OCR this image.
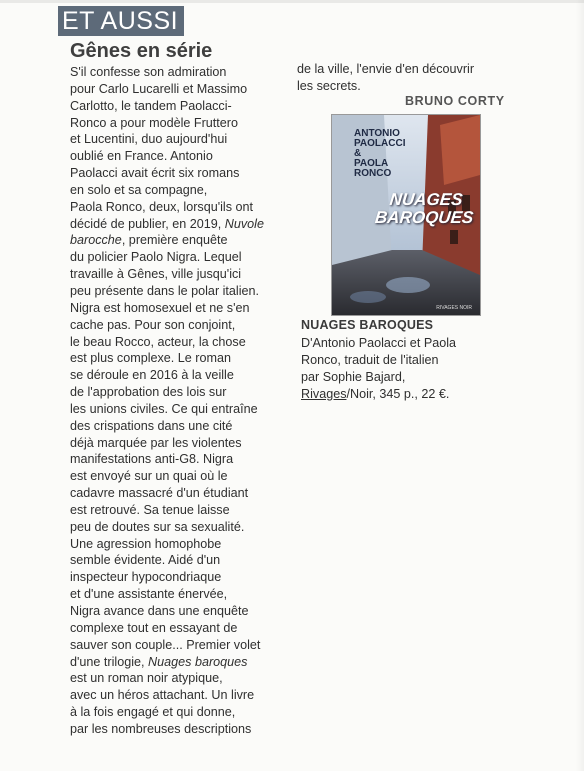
ET AUSSI
Gênes en série
S'il confesse son admiration
pour Carlo Lucarelli et Massimo
Carlotto, le tandem Paolacci-
Ronco a pour modèle Fruttero
et Lucentini, duo aujourd'hui
oublié en France. Antonio
Paolacci avait écrit six romans
en solo et sa compagne,
Paola Ronco, deux, lorsqu'ils ont
décidé de publier, en 2019, Nuvole
barocche, première enquête
du policier Paolo Nigra. Lequel
travaille à Gênes, ville jusqu'ici
peu présente dans le polar italien.
Nigra est homosexuel et ne s'en
cache pas. Pour son conjoint,
le beau Rocco, acteur, la chose
est plus complexe. Le roman
se déroule en 2016 à la veille
de l'approbation des lois sur
les unions civiles. Ce qui entraîne
des crispations dans une cité
déjà marquée par les violentes
manifestations anti-G8. Nigra
est envoyé sur un quai où le
cadavre massacré d'un étudiant
est retrouvé. Sa tenue laisse
peu de doutes sur sa sexualité.
Une agression homophobe
semble évidente. Aidé d'un
inspecteur hypocondriaque
et d'une assistante énervée,
Nigra avance dans une enquête
complexe tout en essayant de
sauver son couple... Premier volet
d'une trilogie, Nuages baroques
est un roman noir atypique,
avec un héros attachant. Un livre
à la fois engagé et qui donne,
par les nombreuses descriptions
de la ville, l'envie d'en découvrir
les secrets.
BRUNO CORTY
ANTONIO
PAOLACCI
&
PAOLA
RONCO
NUAGES
BAROQUES
RIVAGES NOIR
NUAGES BAROQUES
D'Antonio Paolacci et Paola
Ronco, traduit de l'italien
par Sophie Bajard,
Rivages/Noir, 345 p., 22 €.
